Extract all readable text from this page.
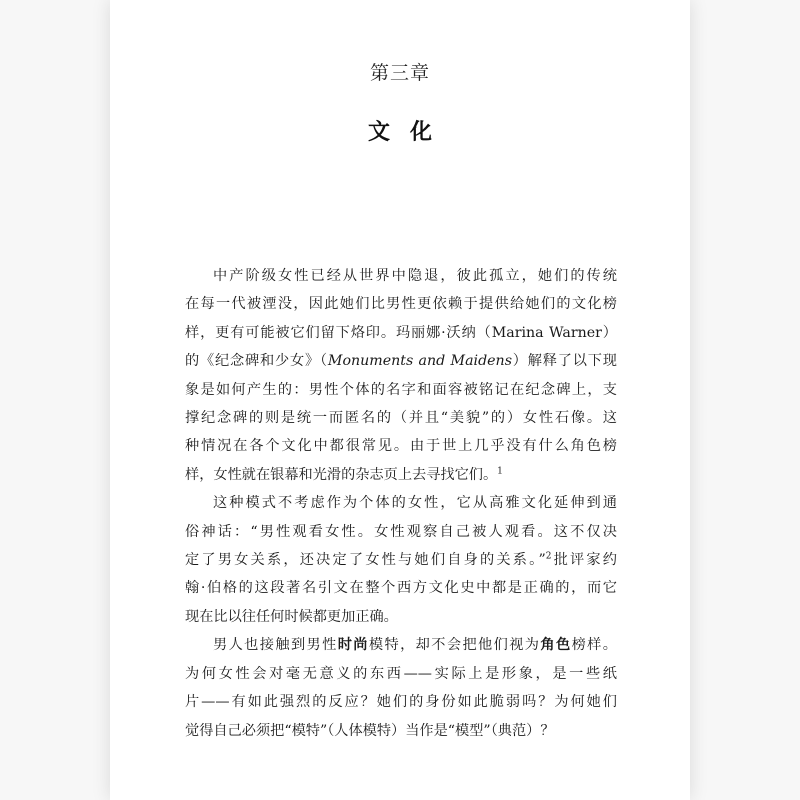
第三章
文化
中产阶级女性已经从世界中隐退，彼此孤立，她们的传统
在每一代被湮没，因此她们比男性更依赖于提供给她们的文化榜
样，更有可能被它们留下烙印。玛丽娜·沃纳（Marina Warner）
的《纪念碑和少女》（Monuments and Maidens）解释了以下现
象是如何产生的：男性个体的名字和面容被铭记在纪念碑上，支
撑纪念碑的则是统一而匿名的（并且“美貌”的）女性石像。这
种情况在各个文化中都很常见。由于世上几乎没有什么角色榜
样，女性就在银幕和光滑的杂志页上去寻找它们。$^1$
这种模式不考虑作为个体的女性，它从高雅文化延伸到通
俗神话：“男性观看女性。女性观察自己被人观看。这不仅决
定了男女关系，还决定了女性与她们自身的关系。”$^2$批评家约
翰·伯格的这段著名引文在整个西方文化史中都是正确的，而它
现在比以往任何时候都更加正确。
男人也接触到男性时尚模特，却不会把他们视为角色榜样。
为何女性会对毫无意义的东西——实际上是形象，是一些纸
片——有如此强烈的反应？她们的身份如此脆弱吗？为何她们
觉得自己必须把“模特”（人体模特）当作是“模型”（典范）？
